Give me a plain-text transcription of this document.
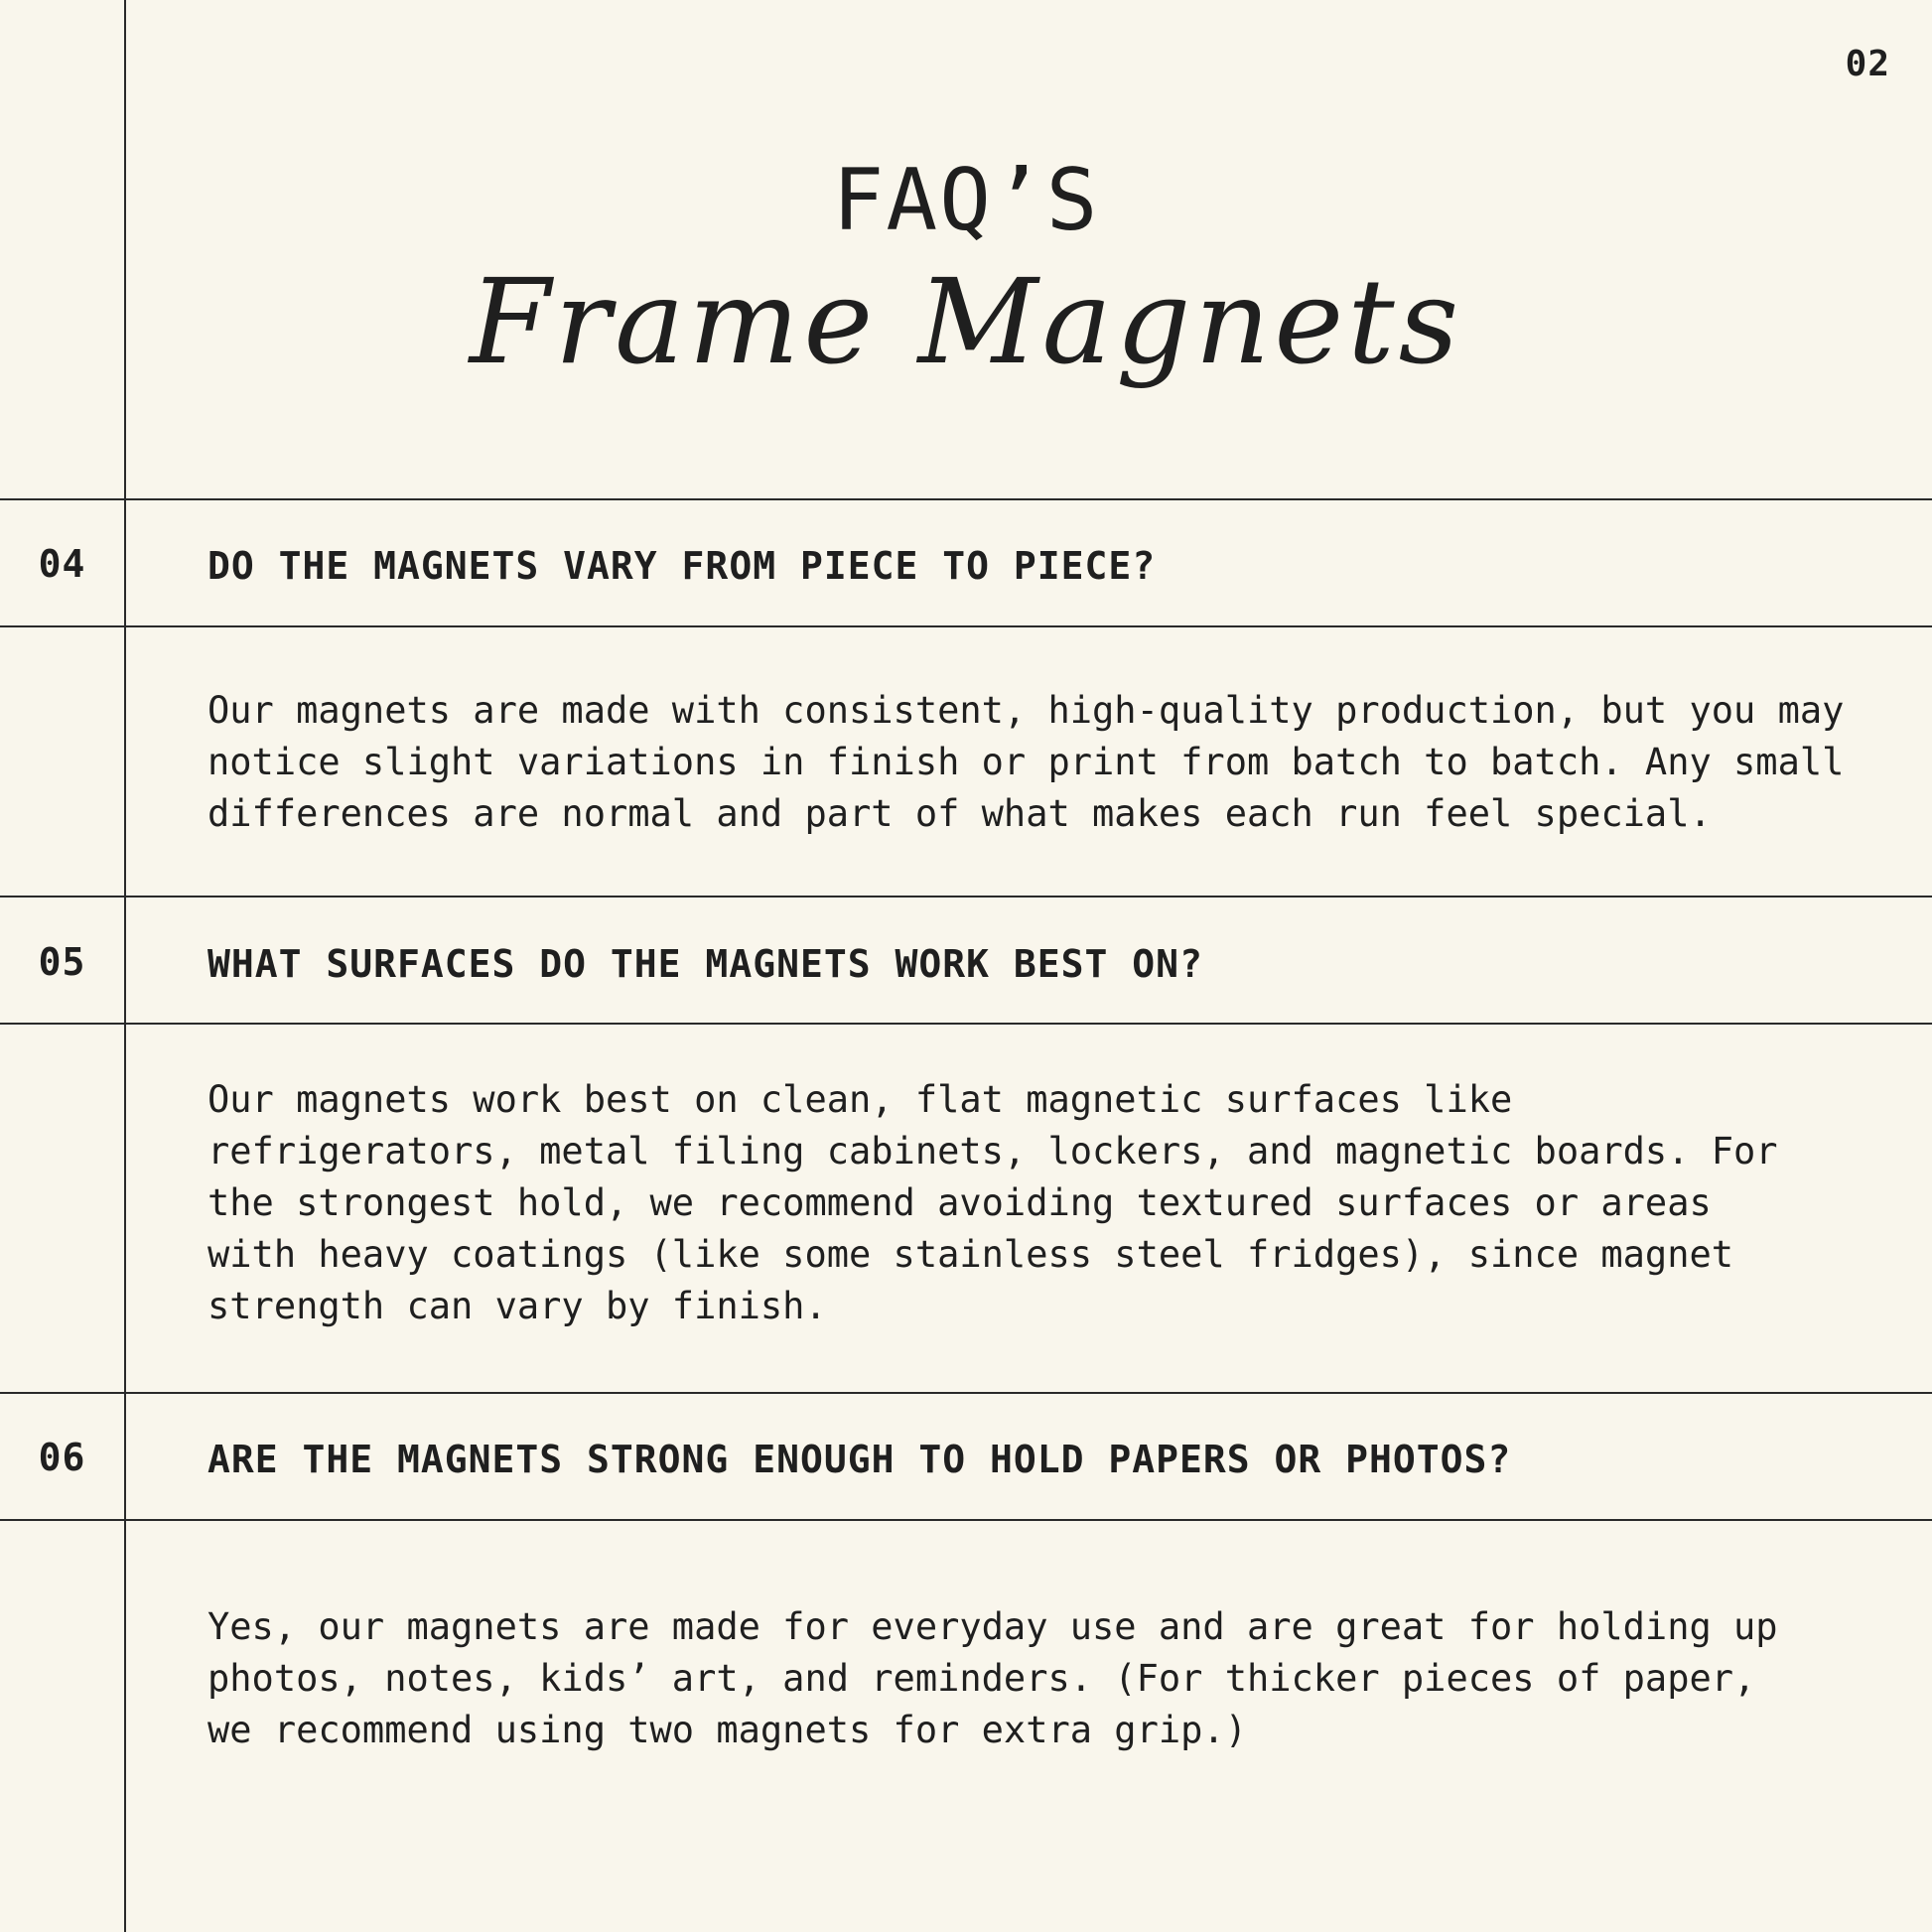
02
FAQ’S
Frame Magnets
04	DO THE MAGNETS VARY FROM PIECE TO PIECE?
Our magnets are made with consistent, high-quality production, but you may
notice slight variations in finish or print from batch to batch. Any small
differences are normal and part of what makes each run feel special.
05	WHAT SURFACES DO THE MAGNETS WORK BEST ON?
Our magnets work best on clean, flat magnetic surfaces like
refrigerators, metal filing cabinets, lockers, and magnetic boards. For
the strongest hold, we recommend avoiding textured surfaces or areas
with heavy coatings (like some stainless steel fridges), since magnet
strength can vary by finish.
06	ARE THE MAGNETS STRONG ENOUGH TO HOLD PAPERS OR PHOTOS?
Yes, our magnets are made for everyday use and are great for holding up
photos, notes, kids’ art, and reminders. (For thicker pieces of paper,
we recommend using two magnets for extra grip.)
